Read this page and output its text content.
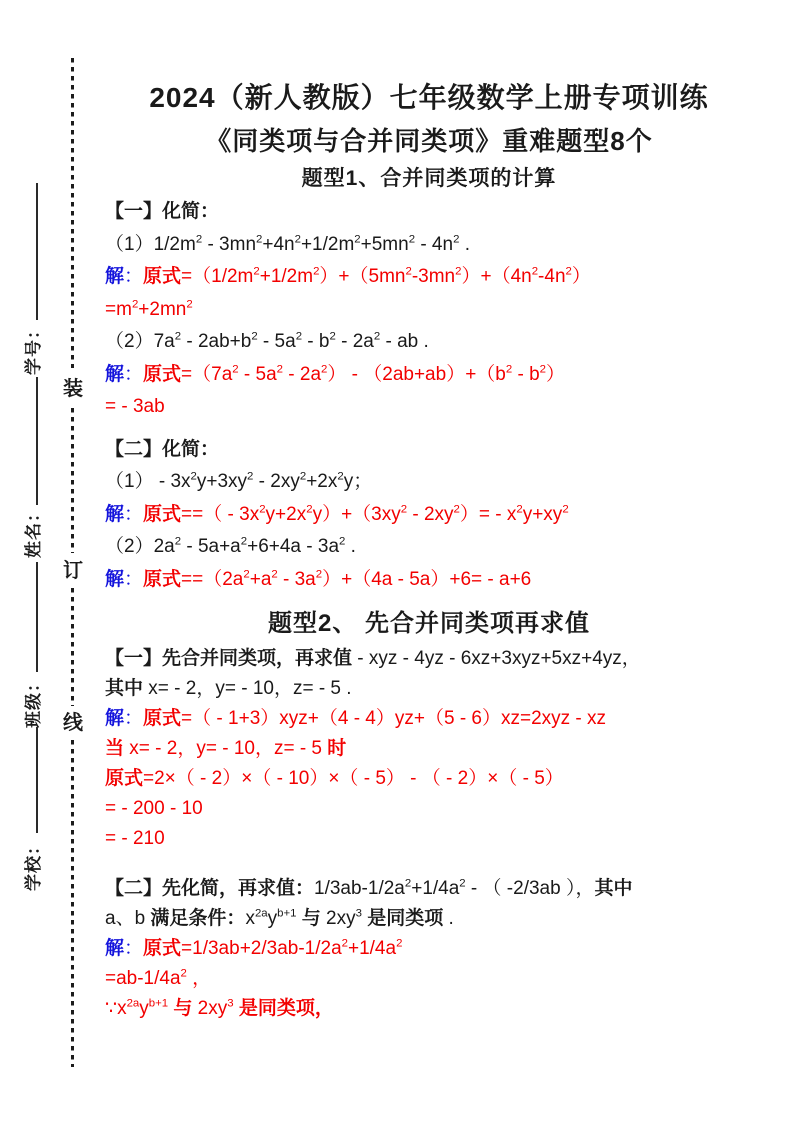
学号：
姓名：
班级：
学校：
装
订
线
2024（新人教版）七年级数学上册专项训练
《同类项与合并同类项》重难题型8个
题型1、合并同类项的计算
【一】化简：
$(1)1/2m^2 - 3mn^2+4n^2+1/2m^2+5mn^2 - 4n^2$ .
解：原式$=(1/2m^2+1/2m^2)+(5mn^2-3mn^2)+(4n^2-4n^2)$
$=m^2+2mn^2$
$(2)7a^2 - 2ab+b^2 - 5a^2 - b^2 - 2a^2$ - ab .
解：原式$=(7a^2 - 5a^2 - 2a^2) - (2ab+ab)+(b^2 - b^2)$
= - 3ab
【二】化简：
$(1) - 3x^2y+3xy^2 - 2xy^2+2x^2y$；
解：原式==（ - $3x^2y+2x^2y)+(3xy^2 - 2xy^2)= - x^2y+xy^2$
$(2)2a^2 - 5a+a^2+6+4a - 3a^2$ .
解：原式$==(2a^2+a^2 - 3a^2)+(4a - 5a)+6= - a+6$
题型2、 先合并同类项再求值
【一】先合并同类项，再求值 - xyz - 4yz - 6xz+3xyz+5xz+4yz，
其中 x= - 2，y= - 10，z= - 5 .
解：原式=（ - 1+3）xyz+（4 - 4）yz+（5 - 6）xz=2xyz - xz
当 x= - 2，y= - 10，z= - 5 时
原式=2×（ - 2）×（ - 10）×（ - 5） - （ - 2）×（ - 5）
= - 200 - 10
= - 210
【二】先化简，再求值：$1/3ab-1/2a^2+1/4a^2$ - （ -2/3ab ），其中
a、b 满足条件：$x^{2a}y^{b+1}$ 与 $2xy^3$ 是同类项 .
解：原式$=1/3ab+2/3ab-1/2a^2+1/4a^2$
$=ab-1/4a^2$ ，
$\because x^{2a}y^{b+1}$ 与 $2xy^3$ 是同类项，
